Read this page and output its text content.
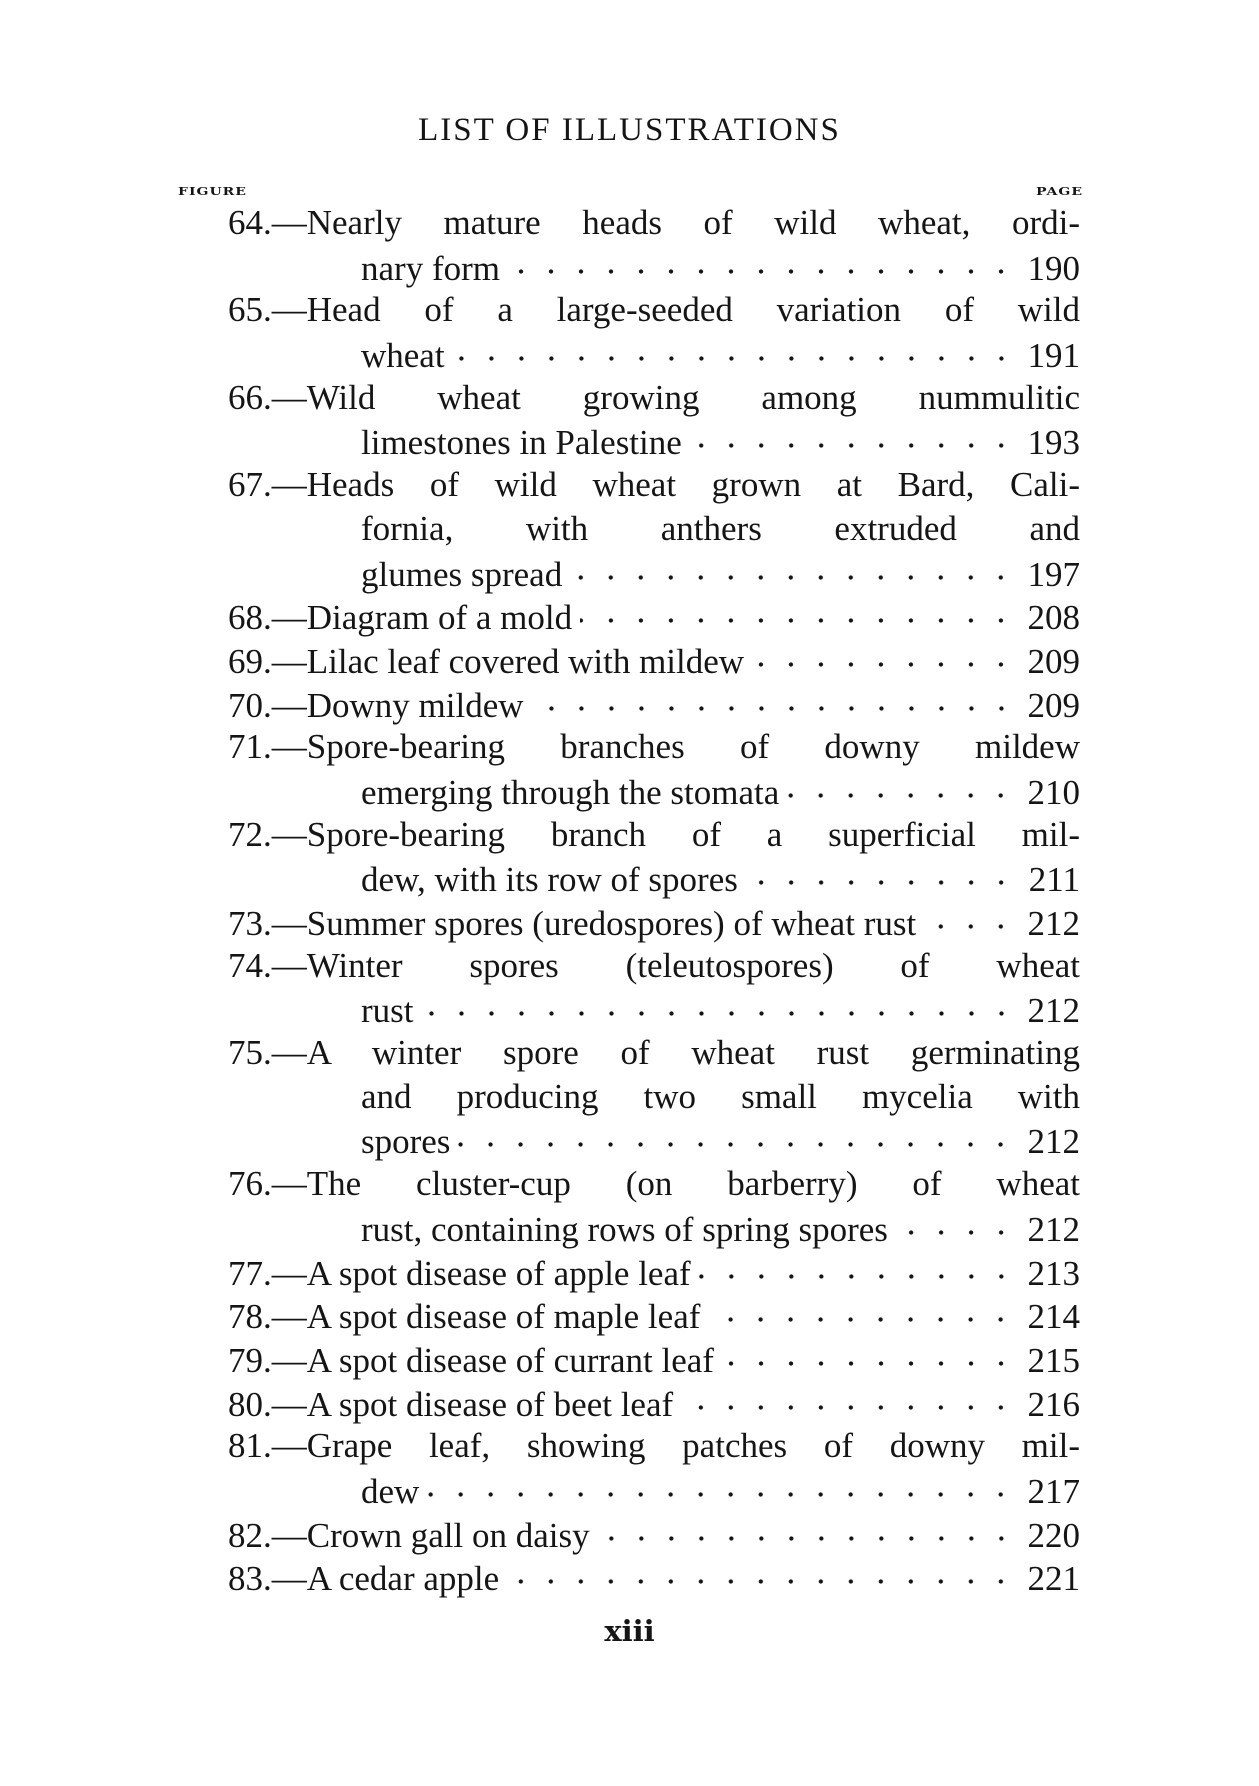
LIST OF ILLUSTRATIONS
FIGURE	PAGE
64. —Nearly mature heads of wild wheat, ordi-
nary form	190
65. —Head of a large-seeded variation of wild
wheat	191
66. —Wild wheat growing among nummulitic
limestones in Palestine	193
67. —Heads of wild wheat grown at Bard, Cali-
fornia, with anthers extruded and
glumes spread	197
68. —Diagram of a mold	208
69. —Lilac leaf covered with mildew	209
70. —Downy mildew	209
71. —Spore-bearing branches of downy mildew
emerging through the stomata	210
72. —Spore-bearing branch of a superficial mil-
dew, with its row of spores	211
73. —Summer spores (uredospores) of wheat rust	212
74. —Winter spores (teleutospores) of wheat
rust	212
75. —A winter spore of wheat rust germinating
and producing two small mycelia with
spores	212
76. —The cluster-cup (on barberry) of wheat
rust, containing rows of spring spores	212
77. —A spot disease of apple leaf	213
78. —A spot disease of maple leaf	214
79. —A spot disease of currant leaf	215
80. —A spot disease of beet leaf	216
81. —Grape leaf, showing patches of downy mil-
dew	217
82. —Crown gall on daisy	220
83. —A cedar apple	221
xiii
